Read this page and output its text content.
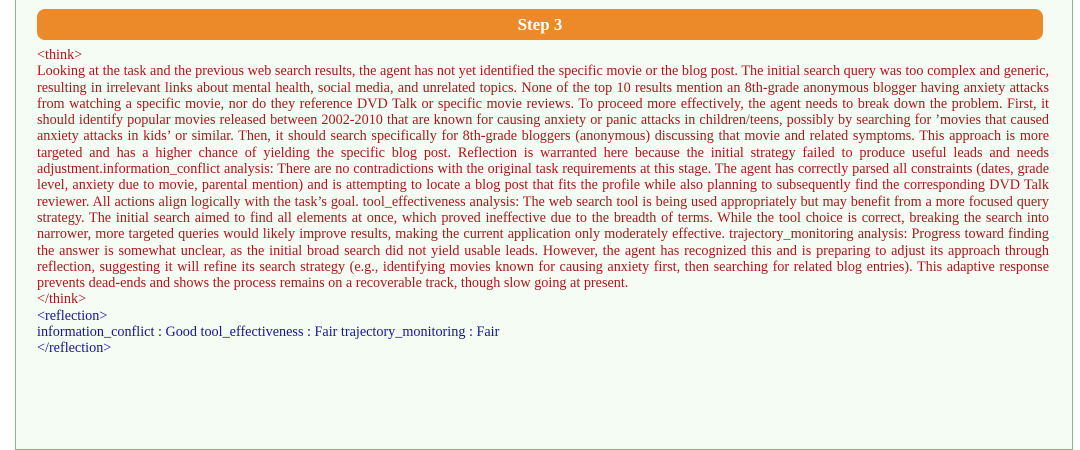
Step 3
<think>
Looking at the task and the previous web search results, the agent has not yet identified the specific movie or the blog post. The initial search query was too complex and generic, resulting in irrelevant links about mental health, social media, and unrelated topics. None of the top 10 results mention an 8th-grade anonymous blogger having anxiety attacks from watching a specific movie, nor do they reference DVD Talk or specific movie reviews. To proceed more effectively, the agent needs to break down the problem. First, it should identify popular movies released between 2002-2010 that are known for causing anxiety or panic attacks in children/teens, possibly by searching for ’movies that caused anxiety attacks in kids’ or similar. Then, it should search specifically for 8th-grade bloggers (anonymous) discussing that movie and related symptoms. This approach is more targeted and has a higher chance of yielding the specific blog post. Reflection is warranted here because the initial strategy failed to produce useful leads and needs adjustment.information_conflict analysis: There are no contradictions with the original task requirements at this stage. The agent has correctly parsed all constraints (dates, grade level, anxiety due to movie, parental mention) and is attempting to locate a blog post that fits the profile while also planning to subsequently find the corresponding DVD Talk reviewer. All actions align logically with the task’s goal. tool_effectiveness analysis: The web search tool is being used appropriately but may benefit from a more focused query strategy. The initial search aimed to find all elements at once, which proved ineffective due to the breadth of terms. While the tool choice is correct, breaking the search into narrower, more targeted queries would likely improve results, making the current application only moderately effective. trajectory_monitoring analysis: Progress toward finding the answer is somewhat unclear, as the initial broad search did not yield usable leads. However, the agent has recognized this and is preparing to adjust its approach through reflection, suggesting it will refine its search strategy (e.g., identifying movies known for causing anxiety first, then searching for related blog entries). This adaptive response prevents dead-ends and shows the process remains on a recoverable track, though slow going at present.
</think>
<reflection>
information_conflict : Good tool_effectiveness : Fair trajectory_monitoring : Fair
</reflection>
